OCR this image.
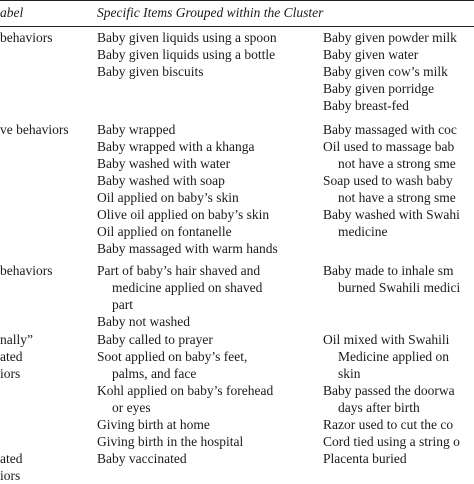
abel	Specific Items Grouped within the Cluster
behaviors
ve behaviors
behaviors
nally”
ated
iors
ated
iors
Baby given liquids using a spoon
Baby given liquids using a bottle
Baby given biscuits
Baby wrapped
Baby wrapped with a khanga
Baby washed with water
Baby washed with soap
Oil applied on baby’s skin
Olive oil applied on baby’s skin
Oil applied on fontanelle
Baby massaged with warm hands
Part of baby’s hair shaved and
medicine applied on shaved
part
Baby not washed
Baby called to prayer
Soot applied on baby’s feet,
palms, and face
Kohl applied on baby’s forehead
or eyes
Giving birth at home
Giving birth in the hospital
Baby vaccinated
Baby given powder milk
Baby given water
Baby given cow’s milk
Baby given porridge
Baby breast-fed
Baby massaged with coc
Oil used to massage bab
not have a strong sme
Soap used to wash baby
not have a strong sme
Baby washed with Swahi
medicine
Baby made to inhale sm
burned Swahili medici
Oil mixed with Swahili
Medicine applied on
skin
Baby passed the doorwa
days after birth
Razor used to cut the co
Cord tied using a string o
Placenta buried
